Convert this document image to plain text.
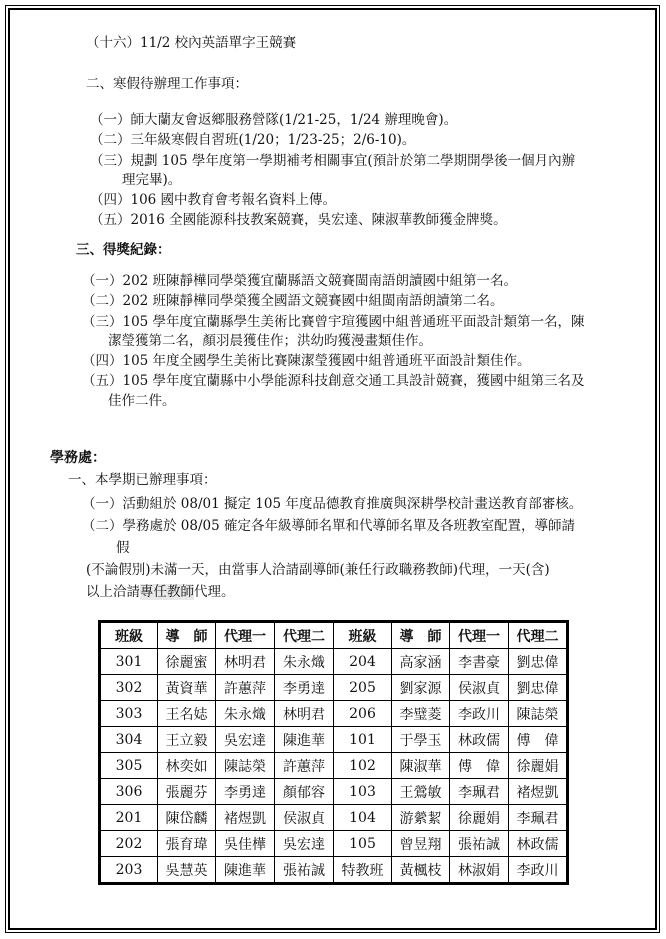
（十六）11/2 校內英語單字王競賽
二、寒假待辦理工作事項：
（一）師大蘭友會返鄉服務營隊(1/21-25，1/24 辦理晚會)。
（二）三年級寒假自習班(1/20；1/23-25；2/6-10)。
（三）規劃 105 學年度第一學期補考相關事宜(預計於第二學期開學後一個月內辦
理完畢)。
（四）106 國中教育會考報名資料上傳。
（五）2016 全國能源科技教案競賽，吳宏達、陳淑華教師獲金牌獎。
三、得獎紀錄：
（一）202 班陳靜樺同學榮獲宜蘭縣語文競賽閩南語朗讀國中組第一名。
（二）202 班陳靜樺同學榮獲全國語文競賽國中組閩南語朗讀第二名。
（三）105 學年度宜蘭縣學生美術比賽曾宇瑄獲國中組普通班平面設計類第一名，陳
潔瑩獲第二名，顏羽晨獲佳作；洪幼昀獲漫畫類佳作。
（四）105 年度全國學生美術比賽陳潔瑩獲國中組普通班平面設計類佳作。
（五）105 學年度宜蘭縣中小學能源科技創意交通工具設計競賽，獲國中組第三名及
佳作二件。
學務處：
一、本學期已辦理事項：
（一）活動組於 08/01 擬定 105 年度品德教育推廣與深耕學校計畫送教育部審核。
（二）學務處於 08/05 確定各年級導師名單和代導師名單及各班教室配置，導師請
假
(不論假別)未滿一天，由當事人洽請副導師(兼任行政職務教師)代理，一天(含)
以上洽請專任教師代理。
班級	導　師	代理一	代理二	班級	導　師	代理一	代理二
301	徐麗蜜	林明君	朱永熾	204	高家涵	李書豪	劉忠偉
302	黃資華	許蕙萍	李勇達	205	劉家源	侯淑貞	劉忠偉
303	王名娡	朱永熾	林明君	206	李璧菱	李政川	陳誌榮
304	王立毅	吳宏達	陳進華	101	于學玉	林政儒	傅　偉
305	林奕如	陳誌榮	許蕙萍	102	陳淑華	傅　偉	徐麗娟
306	張麗芬	李勇達	顏郁容	103	王鶯敏	李珮君	褚煜凱
201	陳岱麟	褚煜凱	侯淑貞	104	游縈絜	徐麗娟	李珮君
202	張育瑋	吳佳樺	吳宏達	105	曾昱翔	張祐誠	林政儒
203	吳慧英	陳進華	張祐誠	特教班	黃楓枝	林淑娟	李政川
